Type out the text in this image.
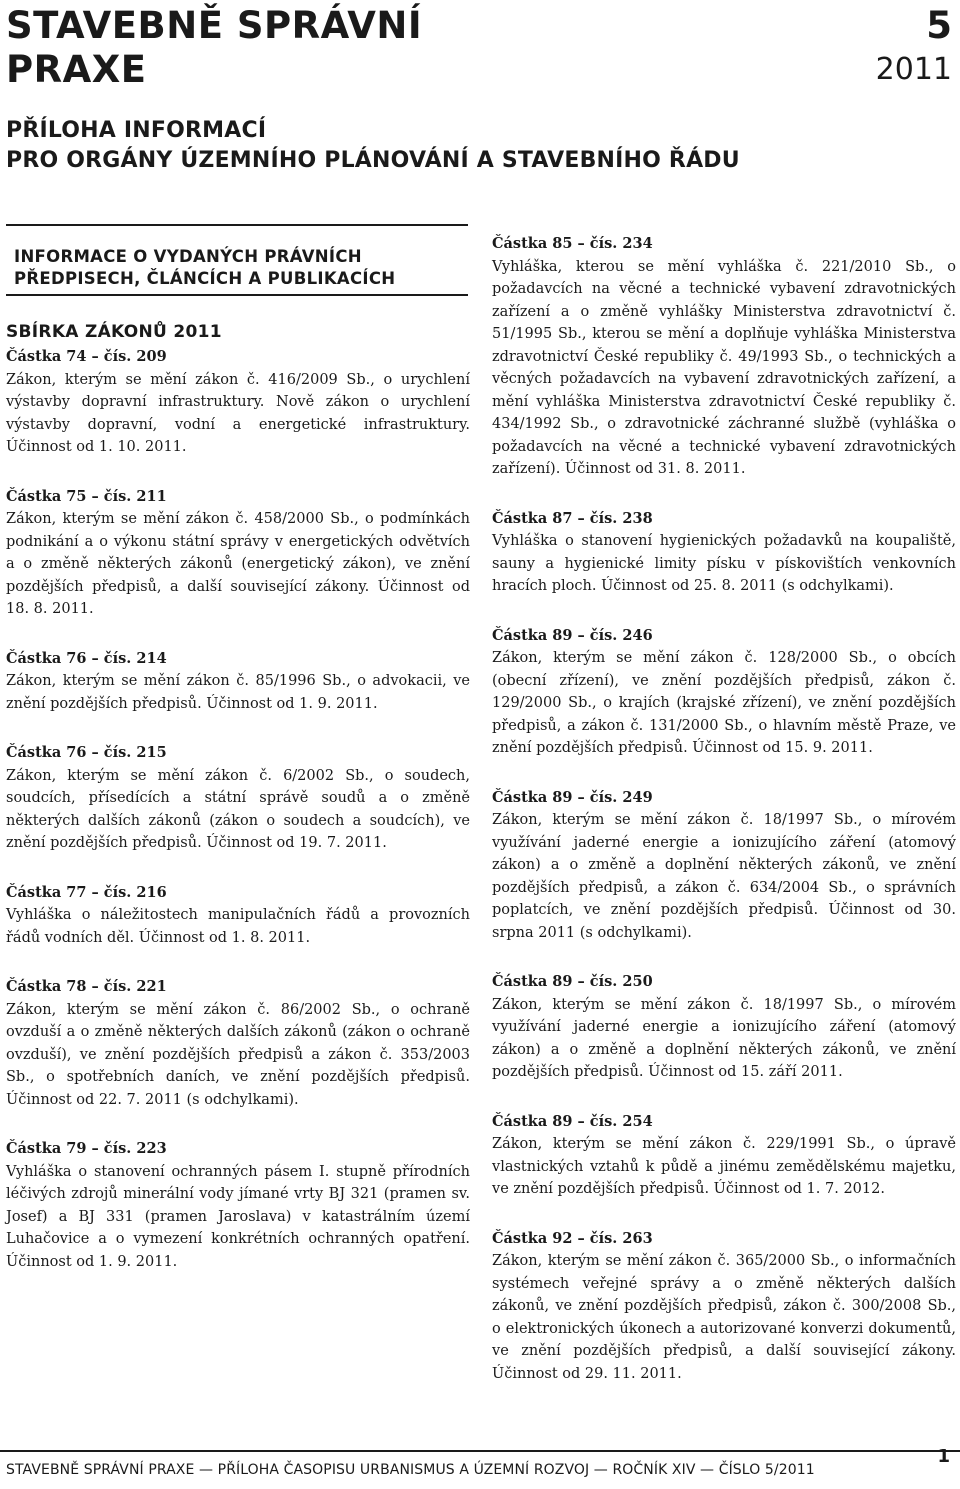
STAVEBNĚ SPRÁVNÍ
PRAXE
5
2011
PŘÍLOHA INFORMACÍ
PRO ORGÁNY ÚZEMNÍHO PLÁNOVÁNÍ A STAVEBNÍHO ŘÁDU
INFORMACE O VYDANÝCH PRÁVNÍCH
PŘEDPISECH, ČLÁNCÍCH A PUBLIKACÍCH
SBÍRKA ZÁKONŮ 2011
Částka 74 – čís. 209

Zákon, kterým se mění zákon č. 416/2009 Sb., o urychlení výstavby dopravní infrastruktury. Nově zákon o urychlení výstavby dopravní, vodní a energetické infrastruktury. Účinnost od 1. 10. 2011.

Částka 75 – čís. 211

Zákon, kterým se mění zákon č. 458/2000 Sb., o podmínkách podnikání a o výkonu státní správy v energetických odvětvích a o změně některých zákonů (energetický zákon), ve znění pozdějších předpisů, a další související zákony. Účinnost od 18. 8. 2011.

Částka 76 – čís. 214

Zákon, kterým se mění zákon č. 85/1996 Sb., o advokacii, ve znění pozdějších předpisů. Účinnost od 1. 9. 2011.

Částka 76 – čís. 215

Zákon, kterým se mění zákon č. 6/2002 Sb., o soudech, soudcích, přísedících a státní správě soudů a o změně některých dalších zákonů (zákon o soudech a soudcích), ve znění pozdějších předpisů. Účinnost od 19. 7. 2011.

Částka 77 – čís. 216

Vyhláška o náležitostech manipulačních řádů a provozních řádů vodních děl. Účinnost od 1. 8. 2011.

Částka 78 – čís. 221

Zákon, kterým se mění zákon č. 86/2002 Sb., o ochraně ovzduší a o změně některých dalších zákonů (zákon o ochraně ovzduší), ve znění pozdějších předpisů a zákon č. 353/2003 Sb., o spotřebních daních, ve znění pozdějších předpisů. Účinnost od 22. 7. 2011 (s odchylkami).

Částka 79 – čís. 223

Vyhláška o stanovení ochranných pásem I. stupně přírodních léčivých zdrojů minerální vody jímané vrty BJ 321 (pramen sv. Josef) a BJ 331 (pramen Jaroslava) v katastrálním území Luhačovice a o vymezení konkrétních ochranných opatření. Účinnost od 1. 9. 2011.

Částka 85 – čís. 234

Vyhláška, kterou se mění vyhláška č. 221/2010 Sb., o požadavcích na věcné a technické vybavení zdravotnických zařízení a o změně vyhlášky Ministerstva zdravotnictví č. 51/1995 Sb., kterou se mění a doplňuje vyhláška Ministerstva zdravotnictví České republiky č. 49/1993 Sb., o technických a věcných požadavcích na vybavení zdravotnických zařízení, a mění vyhláška Ministerstva zdravotnictví České republiky č. 434/1992 Sb., o zdravotnické záchranné službě (vyhláška o požadavcích na věcné a technické vybavení zdravotnických zařízení). Účinnost od 31. 8. 2011.

Částka 87 – čís. 238

Vyhláška o stanovení hygienických požadavků na koupaliště, sauny a hygienické limity písku v pískovištích venkovních hracích ploch. Účinnost od 25. 8. 2011 (s odchylkami).

Částka 89 – čís. 246

Zákon, kterým se mění zákon č. 128/2000 Sb., o obcích (obecní zřízení), ve znění pozdějších předpisů, zákon č. 129/2000 Sb., o krajích (krajské zřízení), ve znění pozdějších předpisů, a zákon č. 131/2000 Sb., o hlavním městě Praze, ve znění pozdějších předpisů. Účinnost od 15. 9. 2011.

Částka 89 – čís. 249

Zákon, kterým se mění zákon č. 18/1997 Sb., o mírovém využívání jaderné energie a ionizujícího záření (atomový zákon) a o změně a doplnění některých zákonů, ve znění pozdějších předpisů, a zákon č. 634/2004 Sb., o správních poplatcích, ve znění pozdějších předpisů. Účinnost od 30. srpna 2011 (s odchylkami).

Částka 89 – čís. 250

Zákon, kterým se mění zákon č. 18/1997 Sb., o mírovém využívání jaderné energie a ionizujícího záření (atomový zákon) a o změně a doplnění některých zákonů, ve znění pozdějších předpisů. Účinnost od 15. září 2011.

Částka 89 – čís. 254

Zákon, kterým se mění zákon č. 229/1991 Sb., o úpravě vlastnických vztahů k půdě a jinému zemědělskému majetku, ve znění pozdějších předpisů. Účinnost od 1. 7. 2012.

Částka 92 – čís. 263

Zákon, kterým se mění zákon č. 365/2000 Sb., o informačních systémech veřejné správy a o změně některých dalších zákonů, ve znění pozdějších předpisů, zákon č. 300/2008 Sb., o elektronických úkonech a autorizované konverzi dokumentů, ve znění pozdějších předpisů, a další související zákony. Účinnost od 29. 11. 2011.

STAVEBNĚ SPRÁVNÍ PRAXE — PŘÍLOHA ČASOPISU URBANISMUS A ÚZEMNÍ ROZVOJ — ROČNÍK XIV — ČÍSLO 5/2011

1
